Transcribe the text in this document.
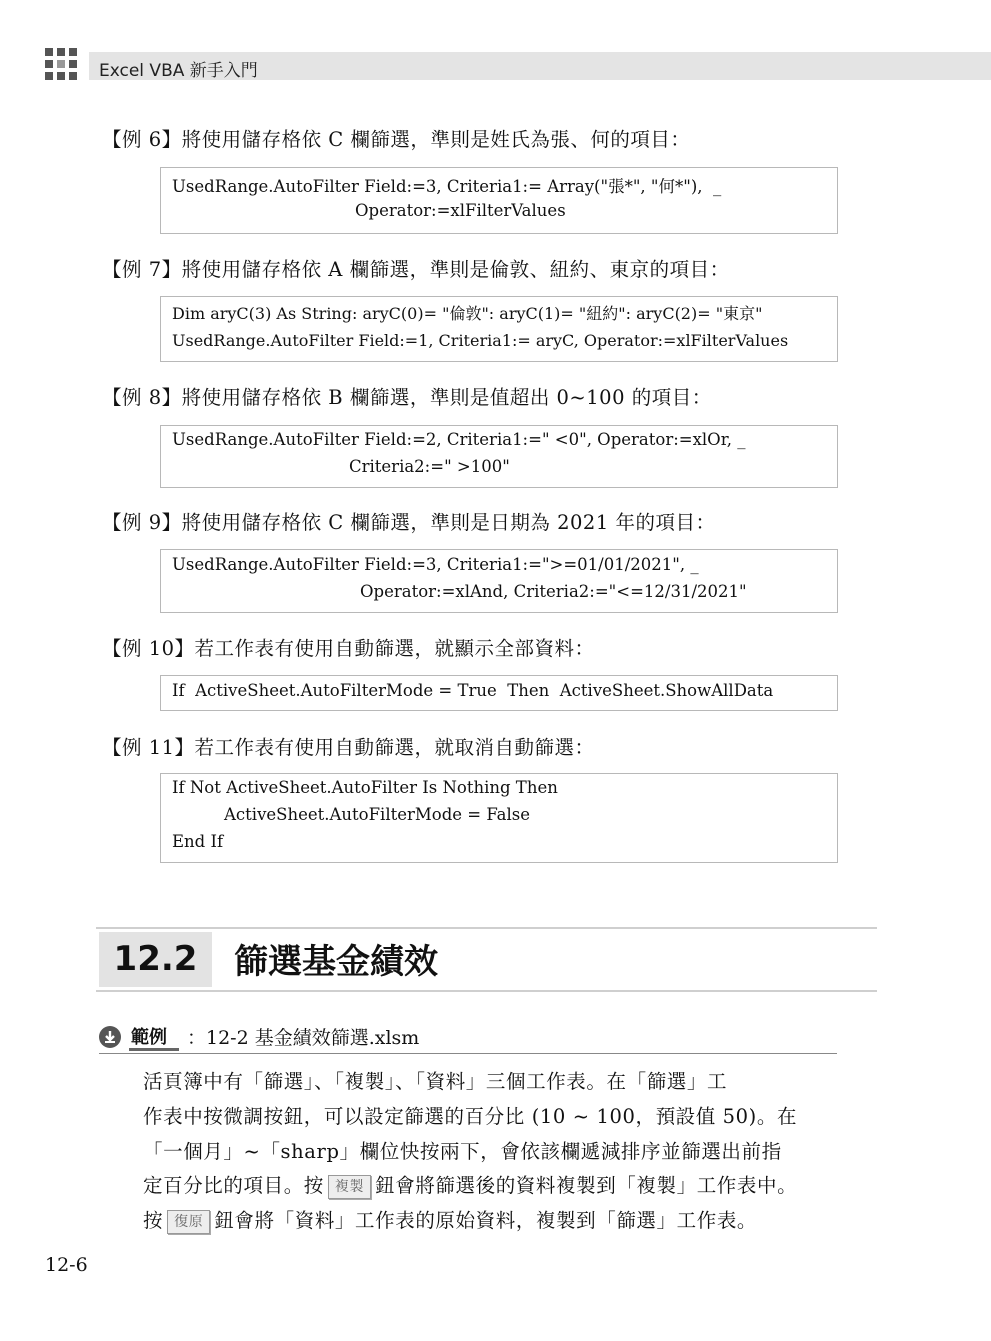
Excel VBA 新手入門
【例 6】將使用儲存格依 C 欄篩選，準則是姓氏為張、何的項目：
UsedRange.AutoFilter Field:=3, Criteria1:= Array("張*", "何*"),  _
Operator:=xlFilterValues
【例 7】將使用儲存格依 A 欄篩選，準則是倫敦、紐約、東京的項目：
Dim aryC(3) As String: aryC(0)= "倫敦": aryC(1)= "紐約": aryC(2)= "東京"
UsedRange.AutoFilter Field:=1, Criteria1:= aryC, Operator:=xlFilterValues
【例 8】將使用儲存格依 B 欄篩選，準則是值超出 0~100 的項目：
UsedRange.AutoFilter Field:=2, Criteria1:=" <0", Operator:=xlOr, _
Criteria2:=" >100"
【例 9】將使用儲存格依 C 欄篩選，準則是日期為 2021 年的項目：
UsedRange.AutoFilter Field:=3, Criteria1:=">=01/01/2021", _
Operator:=xlAnd, Criteria2:="<=12/31/2021"
【例 10】若工作表有使用自動篩選，就顯示全部資料：
If  ActiveSheet.AutoFilterMode = True  Then  ActiveSheet.ShowAllData
【例 11】若工作表有使用自動篩選，就取消自動篩選：
If Not ActiveSheet.AutoFilter Is Nothing Then
ActiveSheet.AutoFilterMode = False
End If
12.2	篩選基金績效
範例 ：12-2 基金績效篩選.xlsm
活頁簿中有「篩選」、「複製」、「資料」三個工作表。在「篩選」工
作表中按微調按鈕，可以設定篩選的百分比 (10 ~ 100，預設值 50)。在
「一個月」~「sharp」欄位快按兩下，會依該欄遞減排序並篩選出前指
定百分比的項目。按 複製 鈕會將篩選後的資料複製到「複製」工作表中。
按 復原 鈕會將「資料」工作表的原始資料，複製到「篩選」工作表。
12-6
